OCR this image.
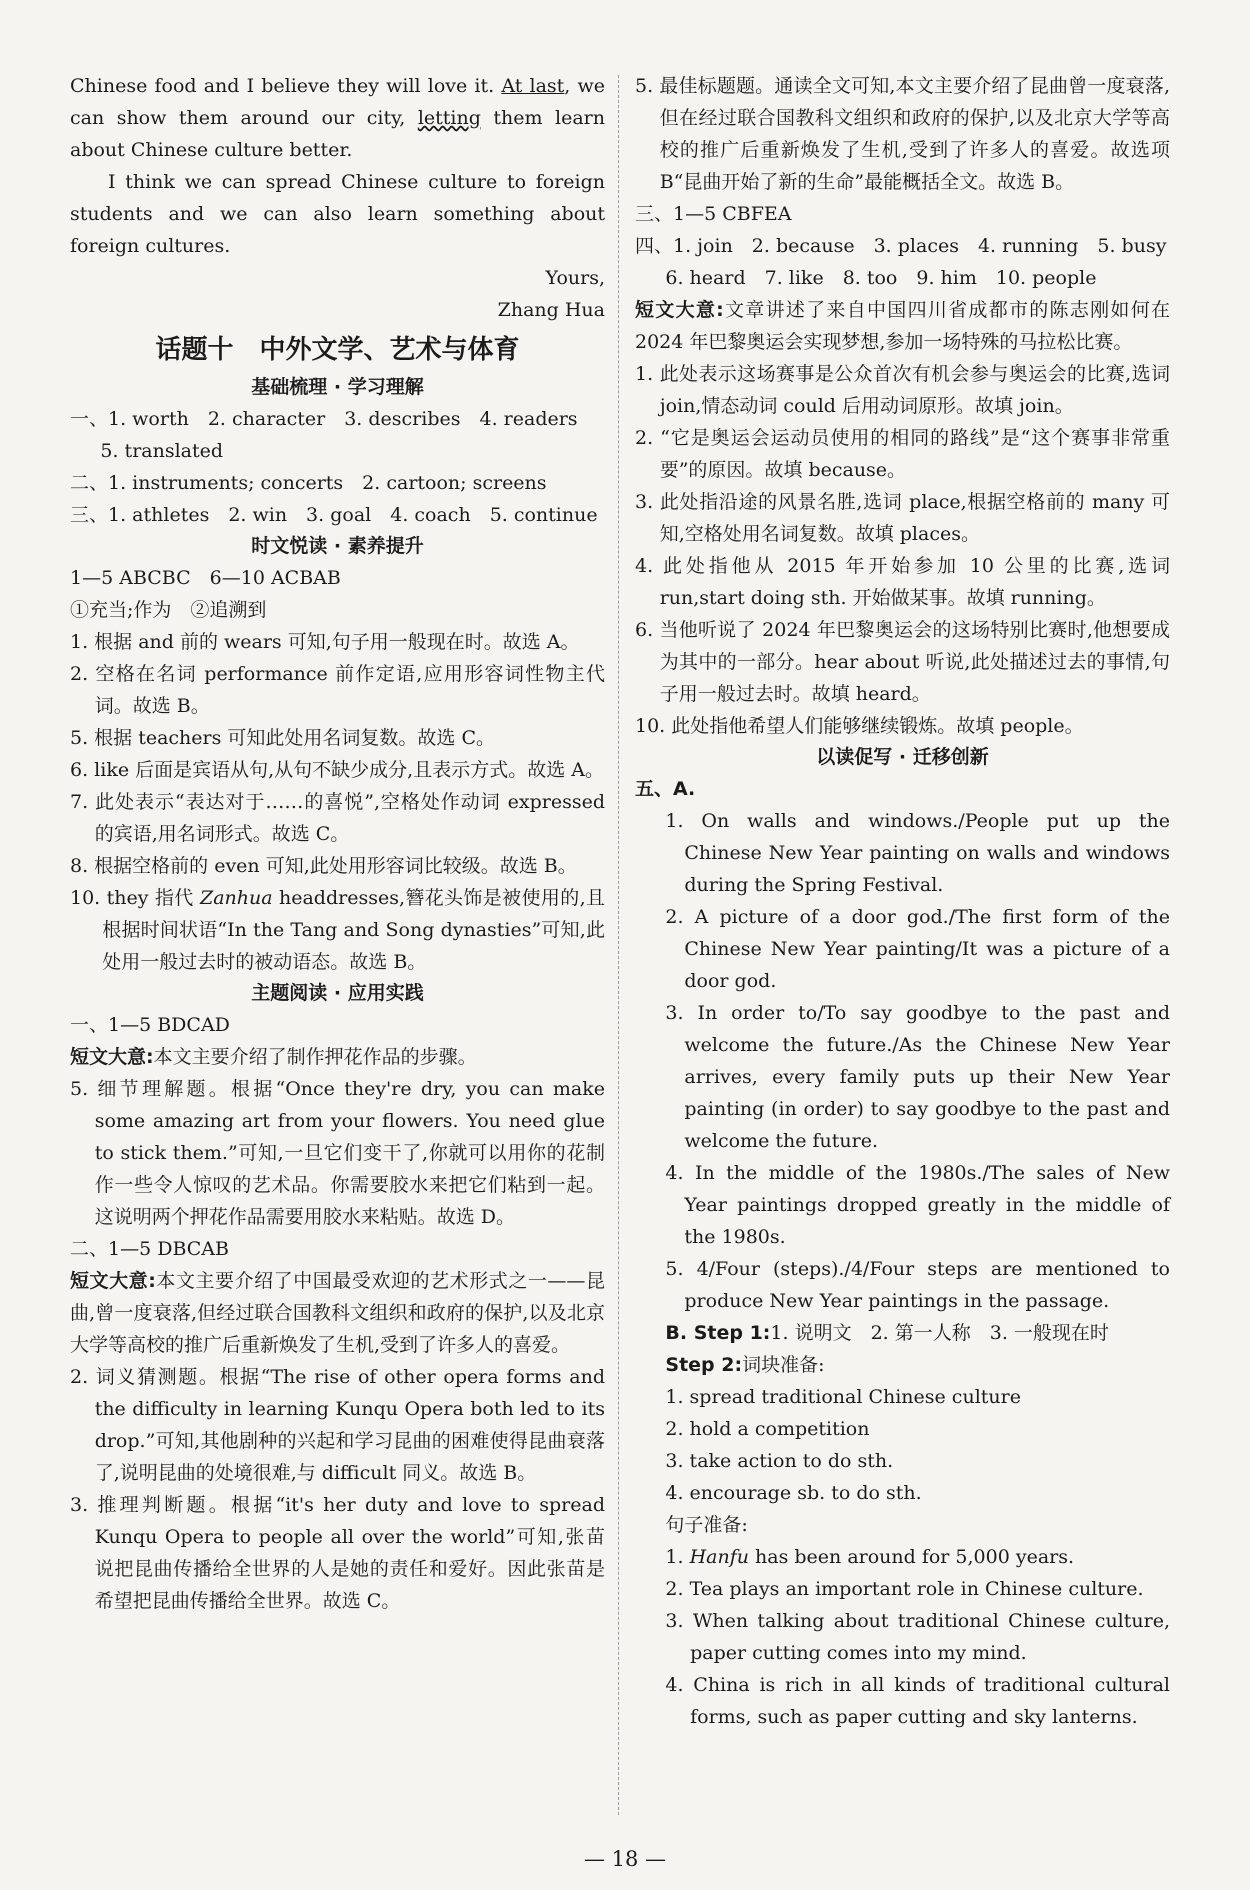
Chinese food and I believe they will love it. At last, we can show them around our city, letting them learn about Chinese culture better.

I think we can spread Chinese culture to foreign students and we can also learn something about foreign cultures.

Yours,

Zhang Hua

话题十　中外文学、艺术与体育
基础梳理 · 学习理解

一、1. worth　2. character　3. describes　4. readers

5. translated

二、1. instruments; concerts　2. cartoon; screens

三、1. athletes　2. win　3. goal　4. coach　5. continue

时文悦读 · 素养提升

1—5 ABCBC　6—10 ACBAB

①充当;作为　②追溯到

1. 根据 and 前的 wears 可知,句子用一般现在时。故选 A。

2. 空格在名词 performance 前作定语,应用形容词性物主代词。故选 B。

5. 根据 teachers 可知此处用名词复数。故选 C。

6. like 后面是宾语从句,从句不缺少成分,且表示方式。故选 A。

7. 此处表示“表达对于……的喜悦”,空格处作动词 expressed 的宾语,用名词形式。故选 C。

8. 根据空格前的 even 可知,此处用形容词比较级。故选 B。

10. they 指代 Zanhua headdresses,簪花头饰是被使用的,且根据时间状语“In the Tang and Song dynasties”可知,此处用一般过去时的被动语态。故选 B。

主题阅读 · 应用实践

一、1—5 BDCAD

短文大意:本文主要介绍了制作押花作品的步骤。

5. 细节理解题。根据“Once they're dry, you can make some amazing art from your flowers. You need glue to stick them.”可知,一旦它们变干了,你就可以用你的花制作一些令人惊叹的艺术品。你需要胶水来把它们粘到一起。这说明两个押花作品需要用胶水来粘贴。故选 D。

二、1—5 DBCAB

短文大意:本文主要介绍了中国最受欢迎的艺术形式之一——昆曲,曾一度衰落,但经过联合国教科文组织和政府的保护,以及北京大学等高校的推广后重新焕发了生机,受到了许多人的喜爱。

2. 词义猜测题。根据“The rise of other opera forms and the difficulty in learning Kunqu Opera both led to its drop.”可知,其他剧种的兴起和学习昆曲的困难使得昆曲衰落了,说明昆曲的处境很难,与 difficult 同义。故选 B。

3. 推理判断题。根据“it's her duty and love to spread Kunqu Opera to people all over the world”可知,张苗说把昆曲传播给全世界的人是她的责任和爱好。因此张苗是希望把昆曲传播给全世界。故选 C。

5. 最佳标题题。通读全文可知,本文主要介绍了昆曲曾一度衰落,但在经过联合国教科文组织和政府的保护,以及北京大学等高校的推广后重新焕发了生机,受到了许多人的喜爱。故选项 B“昆曲开始了新的生命”最能概括全文。故选 B。

三、1—5 CBFEA

四、1. join　2. because　3. places　4. running　5. busy

6. heard　7. like　8. too　9. him　10. people

短文大意:文章讲述了来自中国四川省成都市的陈志刚如何在 2024 年巴黎奥运会实现梦想,参加一场特殊的马拉松比赛。

1. 此处表示这场赛事是公众首次有机会参与奥运会的比赛,选词 join,情态动词 could 后用动词原形。故填 join。

2. “它是奥运会运动员使用的相同的路线”是“这个赛事非常重要”的原因。故填 because。

3. 此处指沿途的风景名胜,选词 place,根据空格前的 many 可知,空格处用名词复数。故填 places。

4. 此处指他从 2015 年开始参加 10 公里的比赛,选词 run,start doing sth. 开始做某事。故填 running。

6. 当他听说了 2024 年巴黎奥运会的这场特别比赛时,他想要成为其中的一部分。hear about 听说,此处描述过去的事情,句子用一般过去时。故填 heard。

10. 此处指他希望人们能够继续锻炼。故填 people。

以读促写 · 迁移创新

五、A.

1. On walls and windows./People put up the Chinese New Year painting on walls and windows during the Spring Festival.

2. A picture of a door god./The first form of the Chinese New Year painting/It was a picture of a door god.

3. In order to/To say goodbye to the past and welcome the future./As the Chinese New Year arrives, every family puts up their New Year painting (in order) to say goodbye to the past and welcome the future.

4. In the middle of the 1980s./The sales of New Year paintings dropped greatly in the middle of the 1980s.

5. 4/Four (steps)./4/Four steps are mentioned to produce New Year paintings in the passage.

B. Step 1:1. 说明文　2. 第一人称　3. 一般现在时

Step 2:词块准备:

1. spread traditional Chinese culture

2. hold a competition

3. take action to do sth.

4. encourage sb. to do sth.

句子准备:

1. Hanfu has been around for 5,000 years.

2. Tea plays an important role in Chinese culture.

3. When talking about traditional Chinese culture, paper cutting comes into my mind.

4. China is rich in all kinds of traditional cultural forms, such as paper cutting and sky lanterns.

— 18 —
